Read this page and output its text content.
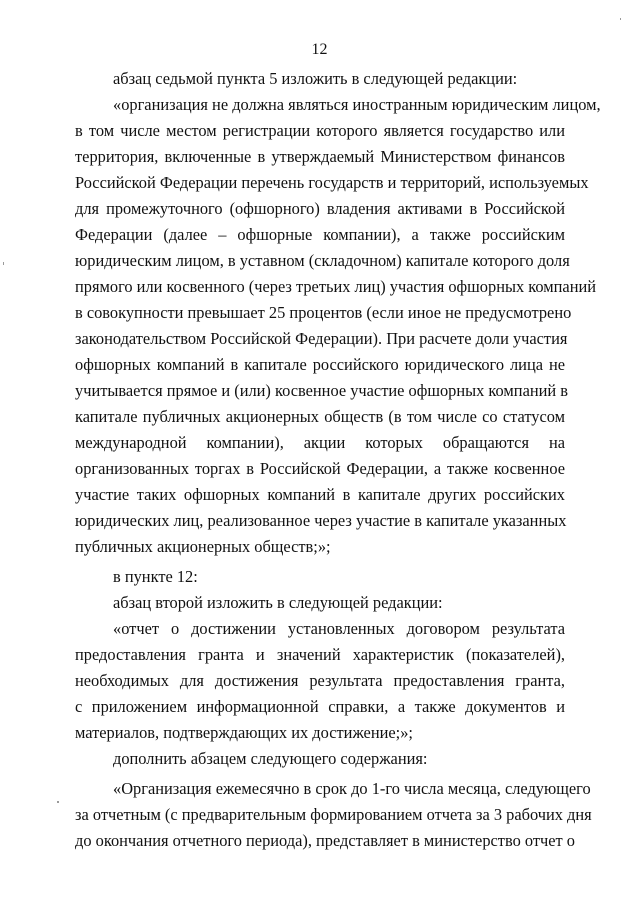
12
абзац седьмой пункта 5 изложить в следующей редакции:
«организация не должна являться иностранным юридическим лицом,
в том числе местом регистрации которого является государство или
территория, включенные в утверждаемый Министерством финансов
Российской Федерации перечень государств и территорий, используемых
для промежуточного (офшорного) владения активами в Российской
Федерации (далее – офшорные компании), а также российским
юридическим лицом, в уставном (складочном) капитале которого доля
прямого или косвенного (через третьих лиц) участия офшорных компаний
в совокупности превышает 25 процентов (если иное не предусмотрено
законодательством Российской Федерации). При расчете доли участия
офшорных компаний в капитале российского юридического лица не
учитывается прямое и (или) косвенное участие офшорных компаний в
капитале публичных акционерных обществ (в том числе со статусом
международной компании), акции которых обращаются на
организованных торгах в Российской Федерации, а также косвенное
участие таких офшорных компаний в капитале других российских
юридических лиц, реализованное через участие в капитале указанных
публичных акционерных обществ;»;
в пункте 12:
абзац второй изложить в следующей редакции:
«отчет о достижении установленных договором результата
предоставления гранта и значений характеристик (показателей),
необходимых для достижения результата предоставления гранта,
с приложением информационной справки, а также документов и
материалов, подтверждающих их достижение;»;
дополнить абзацем следующего содержания:
«Организация ежемесячно в срок до 1-го числа месяца, следующего
за отчетным (с предварительным формированием отчета за 3 рабочих дня
до окончания отчетного периода), представляет в министерство отчет о
